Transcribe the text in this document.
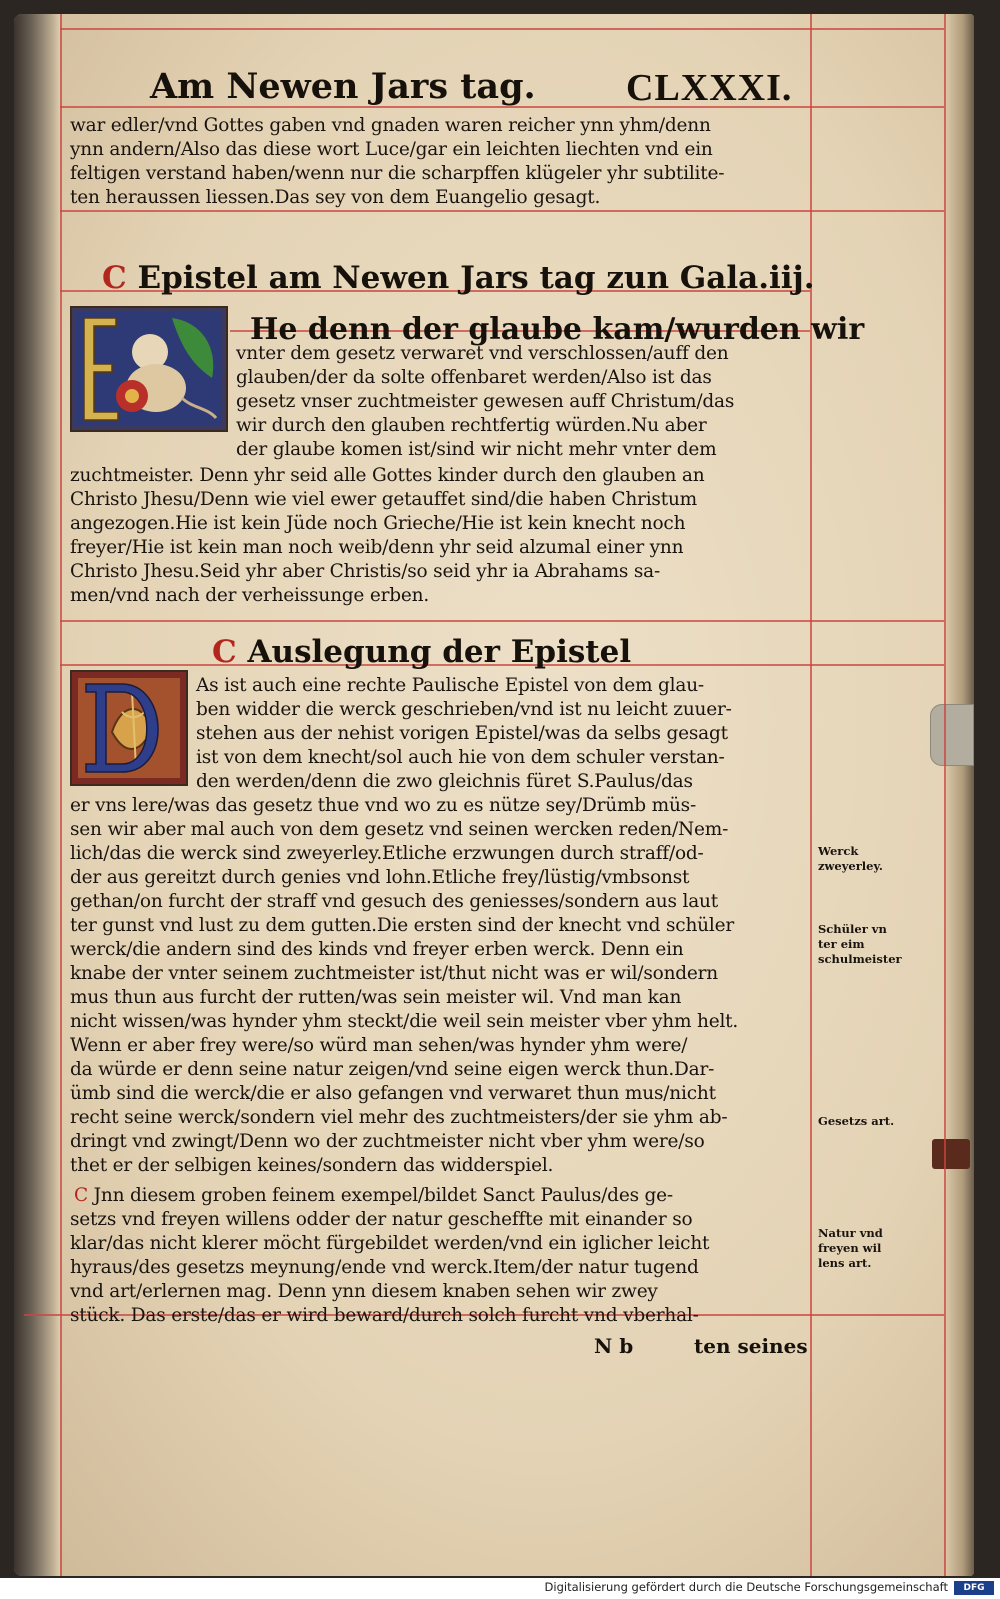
Am Newen Jars tag. CLXXXI.
war edler/vnd Gottes gaben vnd gnaden waren reicher ynn yhm/denn
ynn andern/Also das diese wort Luce/gar ein leichten liechten vnd ein
feltigen verstand haben/wenn nur die scharpffen klügeler yhr subtilite-
ten heraussen liessen.Das sey von dem Euangelio gesagt.
C Epistel am Newen Jars tag zun Gala.iij.
He denn der glaube kam/wurden wir
vnter dem gesetz verwaret vnd verschlossen/auff den
glauben/der da solte offenbaret werden/Also ist das
gesetz vnser zuchtmeister gewesen auff Christum/das
wir durch den glauben rechtfertig würden.Nu aber
der glaube komen ist/sind wir nicht mehr vnter dem
zuchtmeister. Denn yhr seid alle Gottes kinder durch den glauben an
Christo Jhesu/Denn wie viel ewer getauffet sind/die haben Christum
angezogen.Hie ist kein Jüde noch Grieche/Hie ist kein knecht noch
freyer/Hie ist kein man noch weib/denn yhr seid alzumal einer ynn
Christo Jhesu.Seid yhr aber Christis/so seid yhr ia Abrahams sa-
men/vnd nach der verheissunge erben.
C Auslegung der Epistel
As ist auch eine rechte Paulische Epistel von dem glau-
ben widder die werck geschrieben/vnd ist nu leicht zuuer-
stehen aus der nehist vorigen Epistel/was da selbs gesagt
ist von dem knecht/sol auch hie von dem schuler verstan-
den werden/denn die zwo gleichnis füret S.Paulus/das
er vns lere/was das gesetz thue vnd wo zu es nütze sey/Drümb müs-
sen wir aber mal auch von dem gesetz vnd seinen wercken reden/Nem-
lich/das die werck sind zweyerley.Etliche erzwungen durch straff/od-
der aus gereitzt durch genies vnd lohn.Etliche frey/lüstig/vmbsonst
gethan/on furcht der straff vnd gesuch des geniesses/sondern aus laut
ter gunst vnd lust zu dem gutten.Die ersten sind der knecht vnd schüler
werck/die andern sind des kinds vnd freyer erben werck. Denn ein
knabe der vnter seinem zuchtmeister ist/thut nicht was er wil/sondern
mus thun aus furcht der rutten/was sein meister wil. Vnd man kan
nicht wissen/was hynder yhm steckt/die weil sein meister vber yhm helt.
Wenn er aber frey were/so würd man sehen/was hynder yhm were/
da würde er denn seine natur zeigen/vnd seine eigen werck thun.Dar-
ümb sind die werck/die er also gefangen vnd verwaret thun mus/nicht
recht seine werck/sondern viel mehr des zuchtmeisters/der sie yhm ab-
dringt vnd zwingt/Denn wo der zuchtmeister nicht vber yhm were/so
thet er der selbigen keines/sondern das widderspiel.
C Jnn diesem groben feinem exempel/bildet Sanct Paulus/des ge-
setzs vnd freyen willens odder der natur gescheffte mit einander so
klar/das nicht klerer möcht fürgebildet werden/vnd ein iglicher leicht
hyraus/des gesetzs meynung/ende vnd werck.Item/der natur tugend
vnd art/erlernen mag. Denn ynn diesem knaben sehen wir zwey
stück. Das erste/das er wird beward/durch solch furcht vnd vberhal-
N b	ten seines
Werck
zweyerley.
Schüler vn
ter eim
schulmeister
Gesetzs art.
Natur vnd
freyen wil
lens art.
Digitalisierung gefördert durch die Deutsche Forschungsgemeinschaft	DFG
